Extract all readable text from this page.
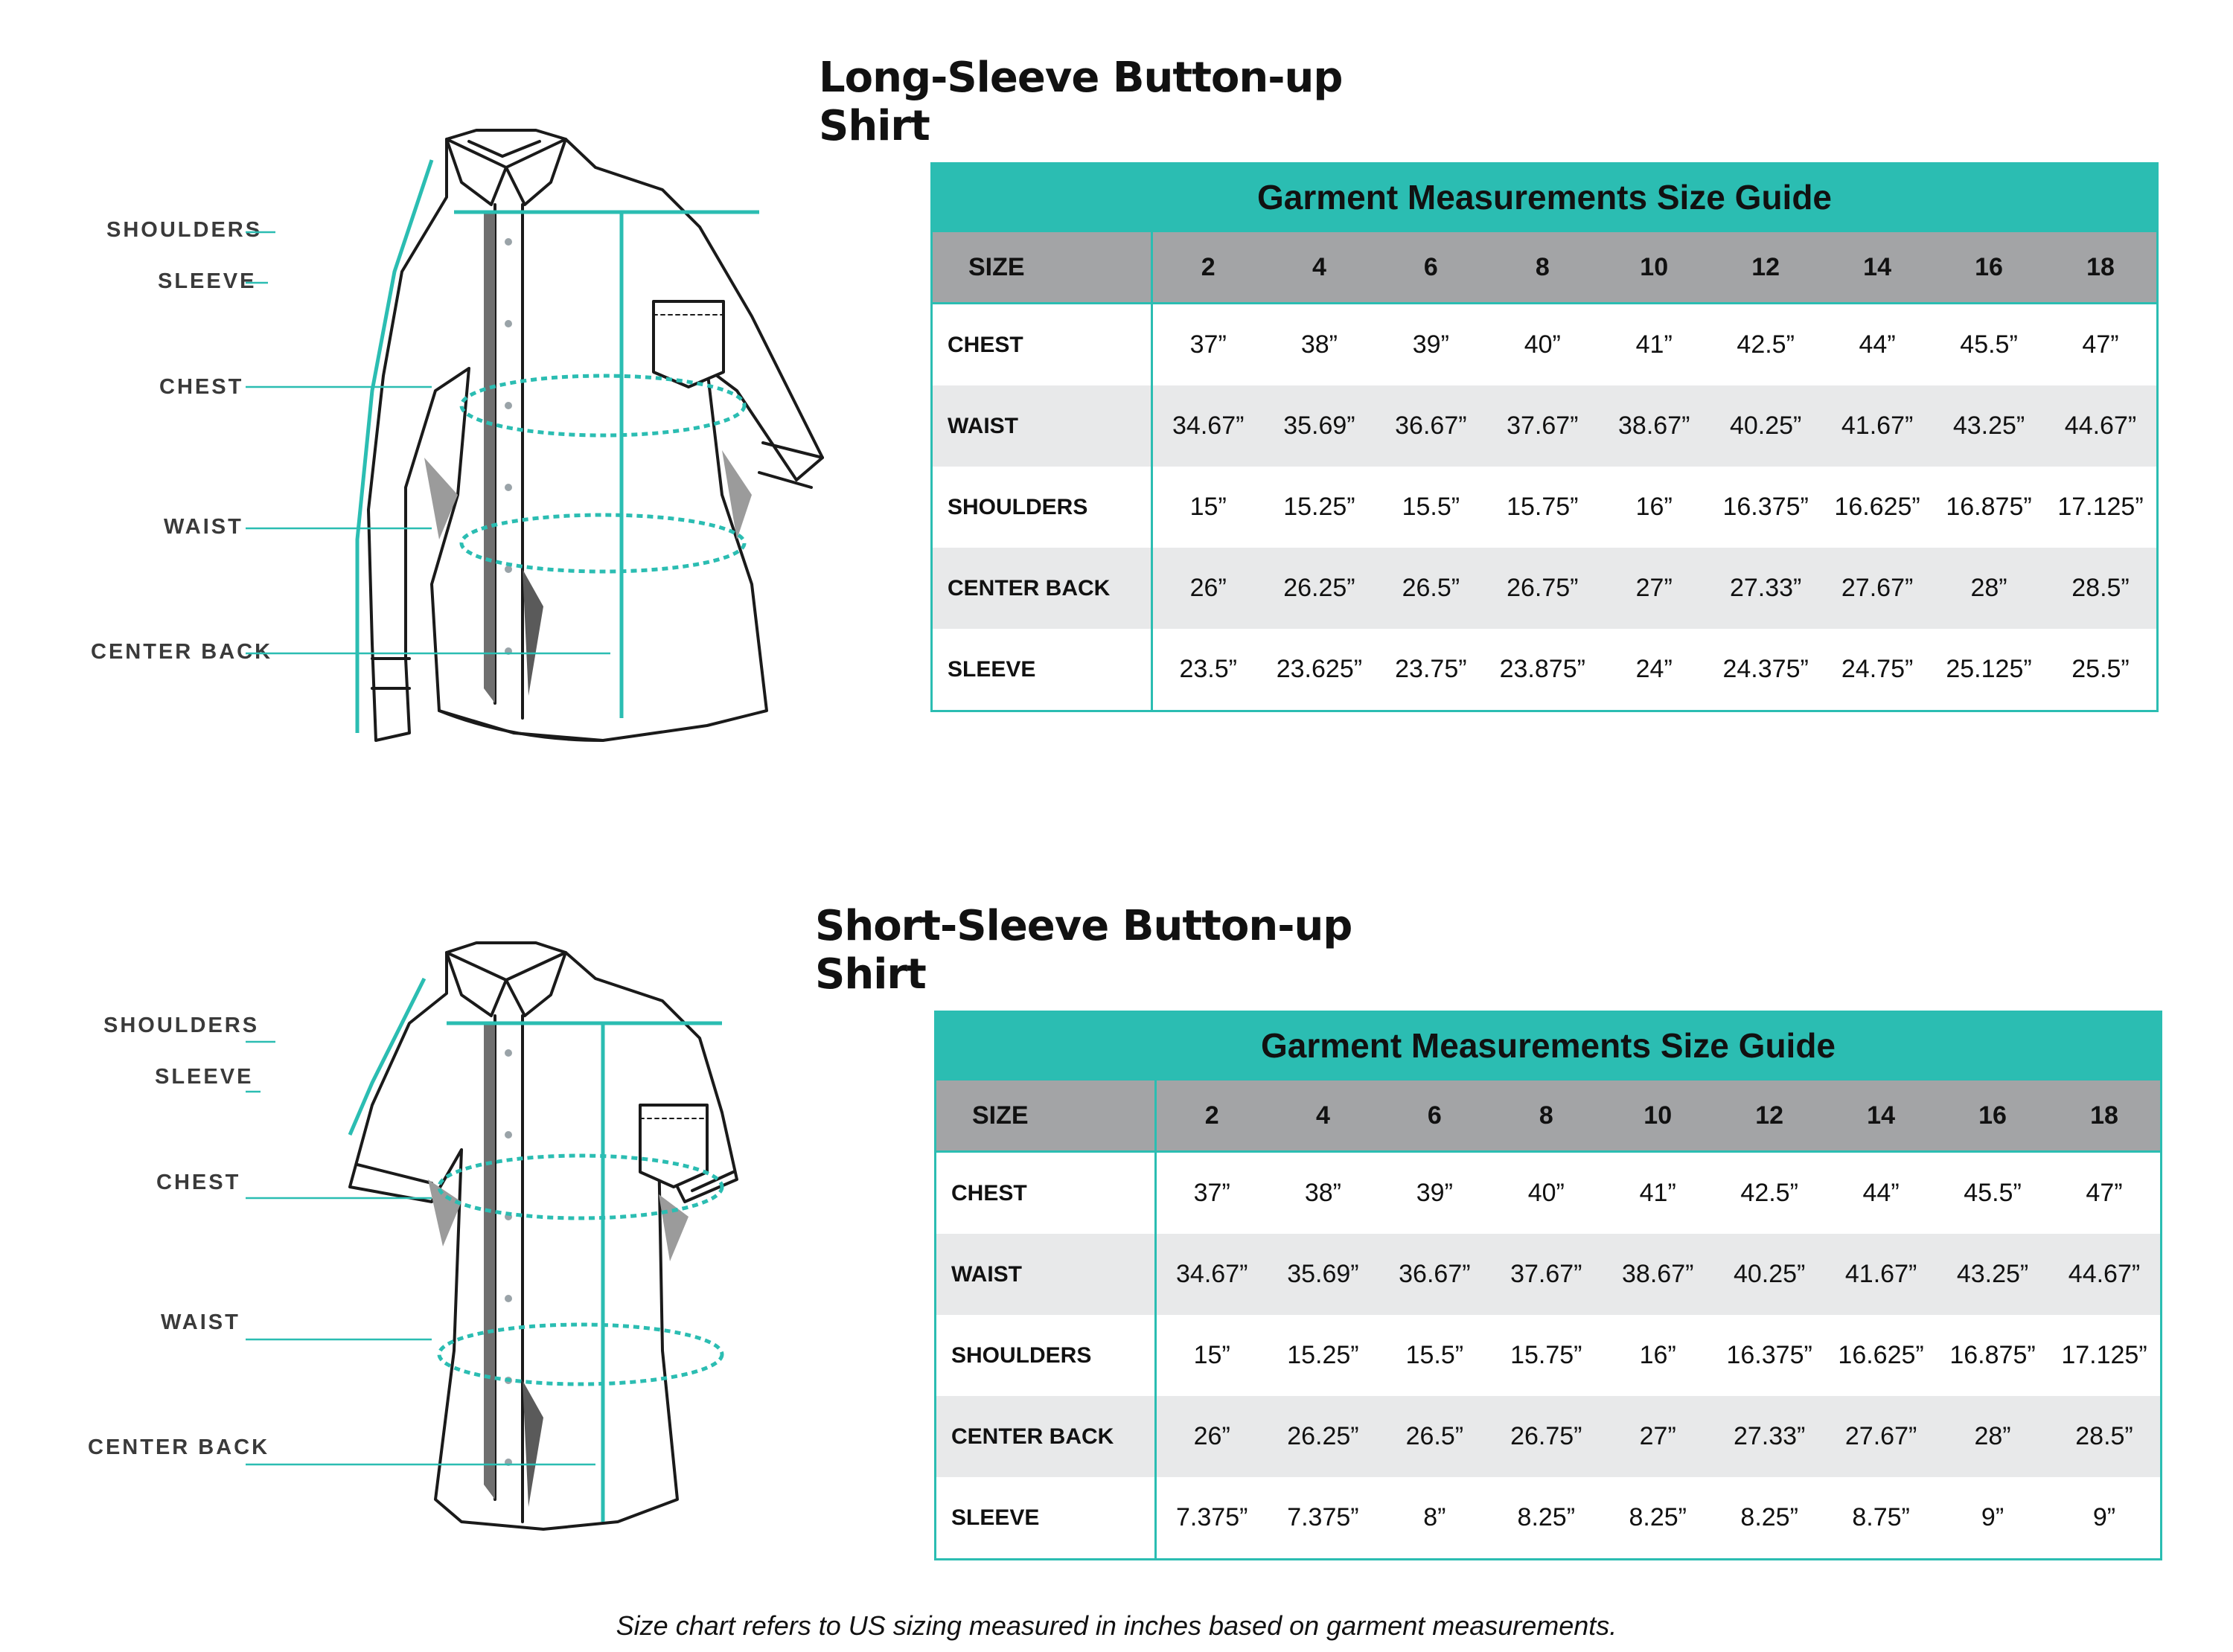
Long-Sleeve Button-up Shirt
SHOULDERS
SLEEVE
CHEST
WAIST
CENTER BACK
Garment Measurements Size Guide
SIZE	2	4	6	8	10	12	14	16	18
CHEST	37”	38”	39”	40”	41”	42.5”	44”	45.5”	47”
WAIST	34.67”	35.69”	36.67”	37.67”	38.67”	40.25”	41.67”	43.25”	44.67”
SHOULDERS	15”	15.25”	15.5”	15.75”	16”	16.375”	16.625”	16.875”	17.125”
CENTER BACK	26”	26.25”	26.5”	26.75”	27”	27.33”	27.67”	28”	28.5”
SLEEVE	23.5”	23.625”	23.75”	23.875”	24”	24.375”	24.75”	25.125”	25.5”
Short-Sleeve Button-up Shirt
SHOULDERS
SLEEVE
CHEST
WAIST
CENTER BACK
Garment Measurements Size Guide
SIZE	2	4	6	8	10	12	14	16	18
CHEST	37”	38”	39”	40”	41”	42.5”	44”	45.5”	47”
WAIST	34.67”	35.69”	36.67”	37.67”	38.67”	40.25”	41.67”	43.25”	44.67”
SHOULDERS	15”	15.25”	15.5”	15.75”	16”	16.375”	16.625”	16.875”	17.125”
CENTER BACK	26”	26.25”	26.5”	26.75”	27”	27.33”	27.67”	28”	28.5”
SLEEVE	7.375”	7.375”	8”	8.25”	8.25”	8.25”	8.75”	9”	9”

Size chart refers to US sizing measured in inches based on garment measurements.
